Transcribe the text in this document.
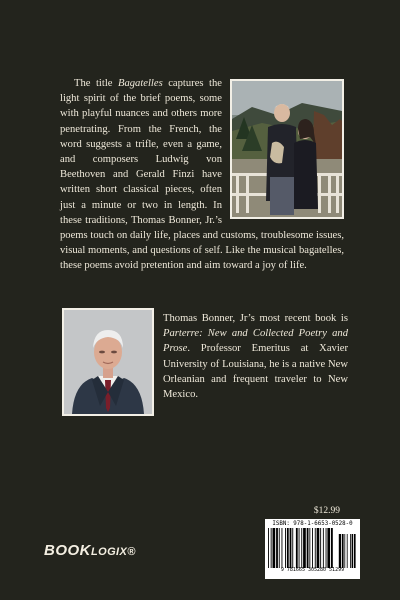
The title Bagatelles captures the light spirit of the brief poems, some with playful nuances and others more penetrating. From the French, the word suggests a trifle, even a game, and composers Ludwig von Beethoven and Gerald Finzi have written short classical pieces, often just a minute or two in length. In these traditions, Thomas Bonner, Jr.’s poems touch on daily life, places and customs, troublesome issues, visual moments, and questions of self. Like the musical bagatelles, these poems avoid pretention and aim toward a joy of life.

Thomas Bonner, Jr’s most recent book is Parterre: New and Collected Poetry and Prose. Professor Emeritus at Xavier University of Louisiana, he is a native New Orleanian and frequent traveler to New Mexico.

$12.99
ISBN: 978-1-6653-0528-0
9 781665 305280 51299
BOOKLOGIX®
